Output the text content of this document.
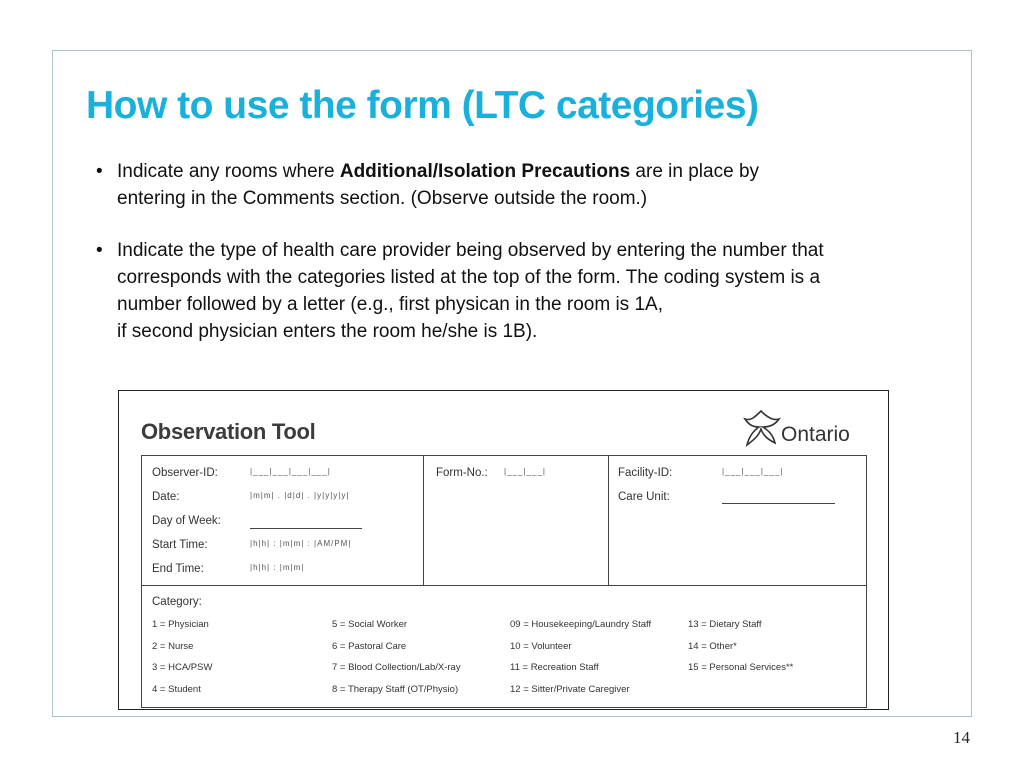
How to use the form (LTC categories)
• Indicate any rooms where Additional/Isolation Precautions are in place by
entering in the Comments section. (Observe outside the room.)
• Indicate the type of health care provider being observed by entering the number that
corresponds with the categories listed at the top of the form. The coding system is a
number followed by a letter (e.g., first physican in the room is 1A,
if second physician enters the room he/she is 1B).
Observation Tool	Ontario
Observer-ID:	|___|___|___|___|
Date:	|m|m| . |d|d| . |y|y|y|y|
Day of Week:
Start Time:	|h|h| : |m|m| : |AM/PM|
End Time:	|h|h| : |m|m|
Form-No.: |___|___|	Facility-ID:	|___|___|___|
Care Unit:
Category:
1 = Physician	5 = Social Worker	09 = Housekeeping/Laundry Staff	13 = Dietary Staff
2 = Nurse	6 = Pastoral Care	10 = Volunteer	14 = Other*
3 = HCA/PSW	7 = Blood Collection/Lab/X-ray	11 = Recreation Staff	15 = Personal Services**
4 = Student	8 = Therapy Staff (OT/Physio)	12 = Sitter/Private Caregiver
14
